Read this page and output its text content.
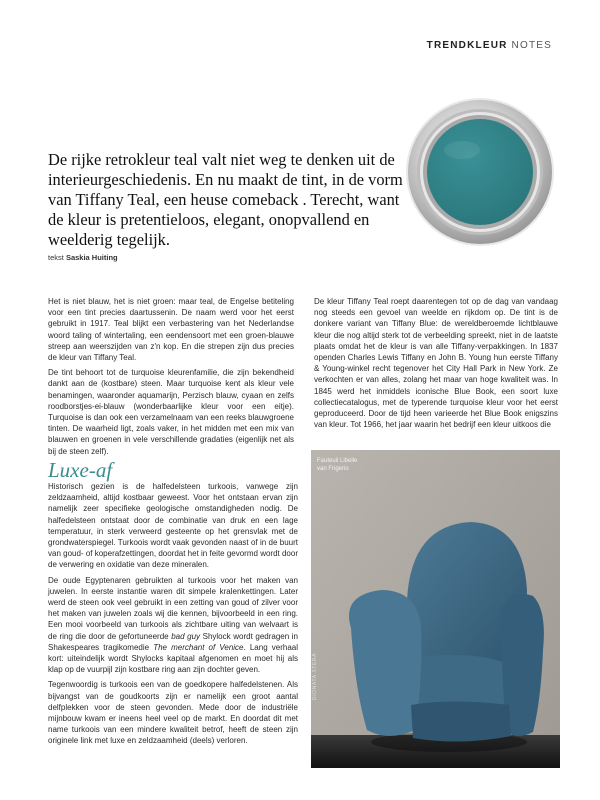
TRENDKLEUR NOTES

De rijke retrokleur teal valt niet weg te denken uit de interieurgeschiedenis. En nu maakt de tint, in de vorm van Tiffany Teal, een heuse comeback . Terecht, want de kleur is pretentieloos, elegant, onopvallend en weelderig tegelijk.

tekst Saskia Huiting

Het is niet blauw, het is niet groen: maar teal, de Engelse betiteling voor een tint precies daartussenin. De naam werd voor het eerst gebruikt in 1917. Teal blijkt een verbastering van het Nederlandse woord taling of wintertaling, een eendensoort met een groen-blauwe streep aan weerszijden van z'n kop. En die strepen zijn dus precies de kleur van Tiffany Teal.

De tint behoort tot de turquoise kleurenfamilie, die zijn bekendheid dankt aan de (kostbare) steen. Maar turquoise kent als kleur vele benamingen, waaronder aquamarijn, Perzisch blauw, cyaan en zelfs roodborstjes-ei-blauw (wonderbaarlijke kleur voor een eitje). Turquoise is dan ook een verzamelnaam van een reeks blauwgroene tinten. De waarheid ligt, zoals vaker, in het midden met een mix van blauwen en groenen in vele verschillende gradaties (eigenlijk net als bij de steen zelf).

De kleur Tiffany Teal roept daarentegen tot op de dag van vandaag nog steeds een gevoel van weelde en rijkdom op. De tint is de donkere variant van Tiffany Blue: de wereldberoemde lichtblauwe kleur die nog altijd sterk tot de verbeelding spreekt, niet in de laatste plaats omdat het de kleur is van alle Tiffany-verpakkingen. In 1837 openden Charles Lewis Tiffany en John B. Young hun eerste Tiffany & Young-winkel recht tegenover het City Hall Park in New York. Ze verkochten er van alles, zolang het maar van hoge kwaliteit was. In 1845 werd het inmiddels iconische Blue Book, een soort luxe collectiecatalogus, met de typerende turquoise kleur voor het eerst geproduceerd. Door de tijd heen varieerde het Blue Book enigszins van kleur. Tot 1966, het jaar waarin het bedrijf een kleur uitkoos die

Luxe-af

Historisch gezien is de halfedelsteen turkoois, vanwege zijn zeldzaamheid, altijd kostbaar geweest. Voor het ontstaan ervan zijn namelijk zeer specifieke geologische omstandigheden nodig. De halfedelsteen ontstaat door de combinatie van druk en een lage temperatuur, in sterk verweerd gesteente op het grensvlak met de grondwaterspiegel. Turkoois wordt vaak gevonden naast of in de buurt van goud- of koperafzettingen, doordat het in feite gevormd wordt door de verwering en oxidatie van deze mineralen.

De oude Egyptenaren gebruikten al turkoois voor het maken van juwelen. In eerste instantie waren dit simpele kralenkettingen. Later werd de steen ook veel gebruikt in een zetting van goud of zilver voor het maken van juwelen zoals wij die kennen, bijvoorbeeld in een ring. Een mooi voorbeeld van turkoois als zichtbare uiting van welvaart is de ring die door de gefortuneerde bad guy Shylock wordt gedragen in Shakespeares tragikomedie The merchant of Venice. Lang verhaal kort: uiteindelijk wordt Shylocks kapitaal afgenomen en moet hij als klap op de vuurpijl zijn kostbare ring aan zijn dochter geven.

Tegenwoordig is turkoois een van de goedkopere halfedelstenen. Als bijvangst van de goudkoorts zijn er namelijk een groot aantal delfplekken voor de steen gevonden. Mede door de industriële mijnbouw kwam er ineens heel veel op de markt. En doordat dit met name turkoois van een mindere kwaliteit betrof, heeft de steen zijn originele link met luxe en zeldzaamheid (deels) verloren.

Fauteuil Libelle
van Frigerio
DIONATA STERA
